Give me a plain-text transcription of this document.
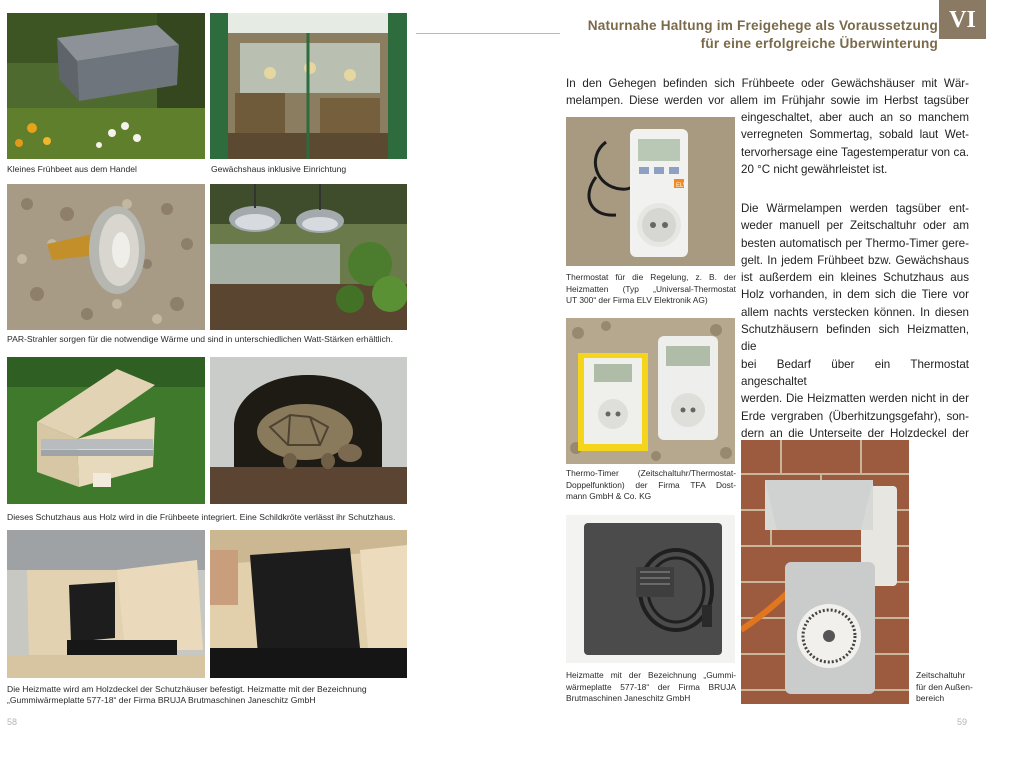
Kleines Frühbeet aus dem Handel	Gewächshaus inklusive Einrichtung
PAR-Strahler sorgen für die notwendige Wärme und sind in unterschiedlichen Watt-Stärken erhältlich.
Dieses Schutzhaus aus Holz wird in die Frühbeete integriert. Eine Schildkröte verlässt ihr Schutzhaus.
Die Heizmatte wird am Holzdeckel der Schutzhäuser befestigt. Heizmatte mit der Bezeichnung
„Gummiwärmeplatte 577-18“ der Firma BRUJA Brutmaschinen Janeschitz GmbH
58
Naturnahe Haltung im Freigehege als Voraussetzung
für eine erfolgreiche Überwinterung
VI
In den Gehegen befinden sich Frühbeete oder Gewächshäuser mit Wär-
melampen. Diese werden vor allem im Frühjahr sowie im Herbst tagsüber
eingeschaltet, aber auch an so manchem
verregneten Sommertag, sobald laut Wet-
tervorhersage eine Tagestemperatur von ca.
20 °C nicht gewährleistet ist.
Die Wärmelampen werden tagsüber ent-
weder manuell per Zeitschaltuhr oder am
besten automatisch per Thermo-Timer gere-
gelt. In jedem Frühbeet bzw. Gewächshaus
ist außerdem ein kleines Schutzhaus aus
Holz vorhanden, in dem sich die Tiere vor
allem nachts verstecken können. In diesen
Schutzhäusern befinden sich Heizmatten, die
bei Bedarf über ein Thermostat angeschaltet
werden. Die Heizmatten werden nicht in der
Erde vergraben (Überhitzungsgefahr), son-
dern an die Unterseite der Holzdeckel der
ELV
Thermostat für die Regelung, z. B. der
Heizmatten (Typ „Universal-Thermostat
UT 300“ der Firma ELV Elektronik AG)
Thermo-Timer (Zeitschaltuhr/Thermostat-
Doppelfunktion) der Firma TFA Dost-
mann GmbH & Co. KG
Heizmatte mit der Bezeichnung „Gummi-
wärmeplatte 577-18“ der Firma BRUJA
Brutmaschinen Janeschitz GmbH
Zeitschaltuhr
für den Außen-
bereich
59
